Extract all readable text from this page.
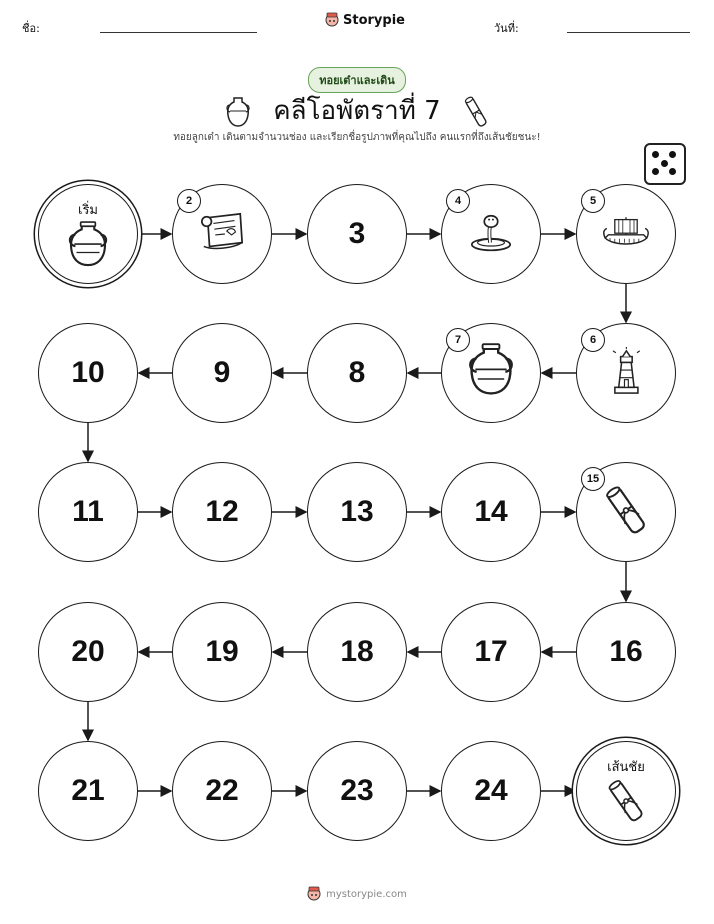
ชื่อ:
Storypie
วันที่:
ทอยเต๋าและเดิน
คลีโอพัตราที่ 7
ทอยลูกเต๋า เดินตามจำนวนช่อง และเรียกชื่อรูปภาพที่คุณไปถึง คนแรกที่ถึงเส้นชัยชนะ!
เริ่ม
2
3
4	5
6
7
8
9
10
11	12	13	14
15
16
17
18
19
20
21	22	23	24
เส้นชัย
mystorypie.com
